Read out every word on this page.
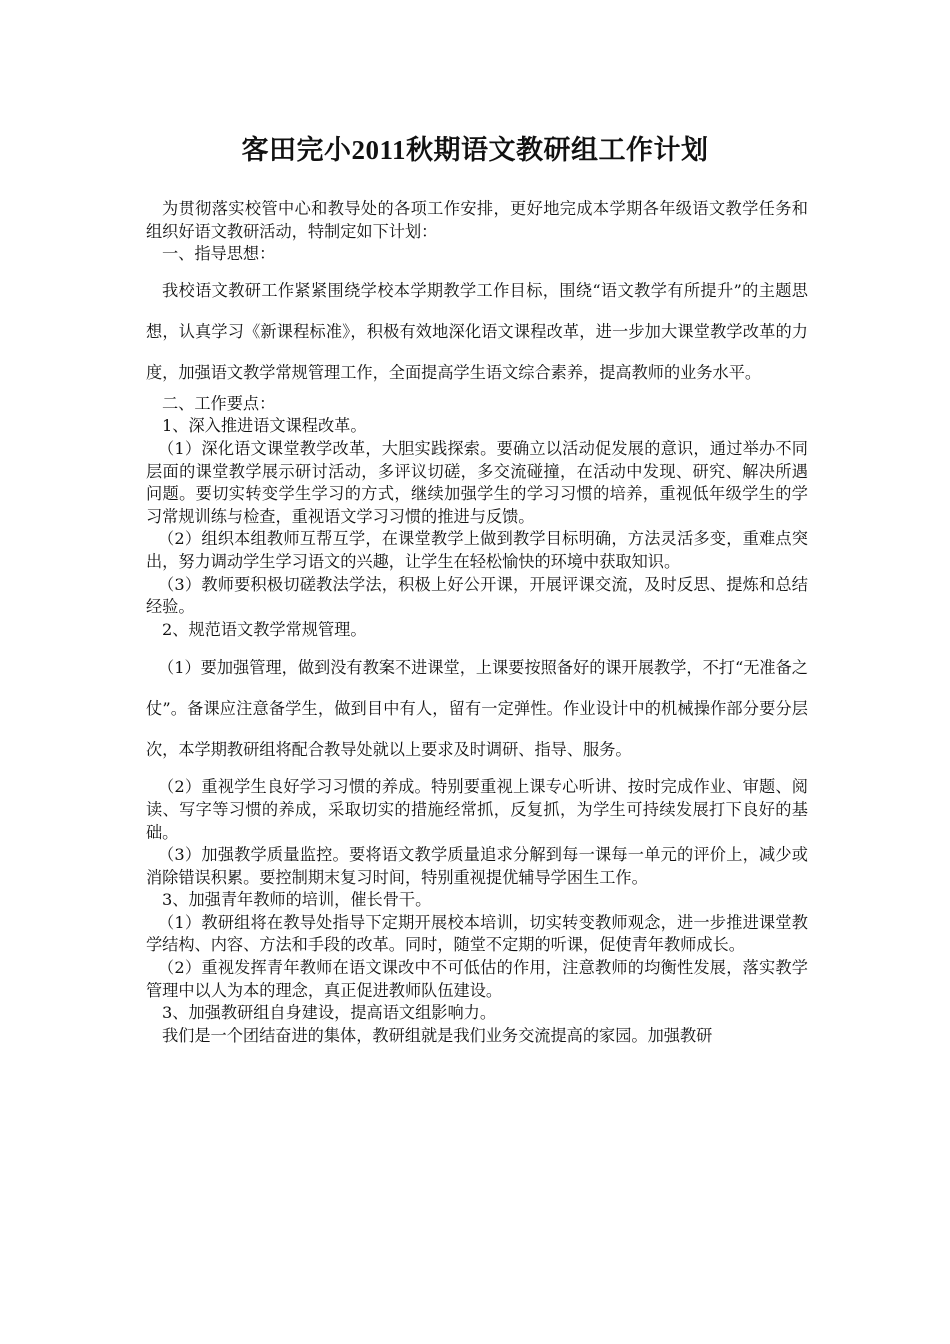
客田完小2011秋期语文教研组工作计划

为贯彻落实校管中心和教导处的各项工作安排，更好地完成本学期各年级语文教学任务和组织好语文教研活动，特制定如下计划：

一、指导思想：

我校语文教研工作紧紧围绕学校本学期教学工作目标，围绕“语文教学有所提升”的主题思想，认真学习《新课程标准》，积极有效地深化语文课程改革，进一步加大课堂教学改革的力度，加强语文教学常规管理工作，全面提高学生语文综合素养，提高教师的业务水平。

二、工作要点：

1、深入推进语文课程改革。

（1）深化语文课堂教学改革，大胆实践探索。要确立以活动促发展的意识，通过举办不同层面的课堂教学展示研讨活动，多评议切磋，多交流碰撞，在活动中发现、研究、解决所遇问题。要切实转变学生学习的方式，继续加强学生的学习习惯的培养，重视低年级学生的学习常规训练与检查，重视语文学习习惯的推进与反馈。

（2）组织本组教师互帮互学，在课堂教学上做到教学目标明确，方法灵活多变，重难点突出，努力调动学生学习语文的兴趣，让学生在轻松愉快的环境中获取知识。

（3）教师要积极切磋教法学法，积极上好公开课，开展评课交流，及时反思、提炼和总结经验。

2、规范语文教学常规管理。

（1）要加强管理，做到没有教案不进课堂，上课要按照备好的课开展教学，不打“无准备之仗”。备课应注意备学生，做到目中有人，留有一定弹性。作业设计中的机械操作部分要分层次，本学期教研组将配合教导处就以上要求及时调研、指导、服务。

（2）重视学生良好学习习惯的养成。特别要重视上课专心听讲、按时完成作业、审题、阅读、写字等习惯的养成，采取切实的措施经常抓，反复抓，为学生可持续发展打下良好的基础。

（3）加强教学质量监控。要将语文教学质量追求分解到每一课每一单元的评价上，减少或消除错误积累。要控制期末复习时间，特别重视提优辅导学困生工作。

3、加强青年教师的培训，催长骨干。

（1）教研组将在教导处指导下定期开展校本培训，切实转变教师观念，进一步推进课堂教学结构、内容、方法和手段的改革。同时，随堂不定期的听课，促使青年教师成长。

（2）重视发挥青年教师在语文课改中不可低估的作用，注意教师的均衡性发展，落实教学管理中以人为本的理念，真正促进教师队伍建设。

3、加强教研组自身建设，提高语文组影响力。

我们是一个团结奋进的集体，教研组就是我们业务交流提高的家园。加强教研
